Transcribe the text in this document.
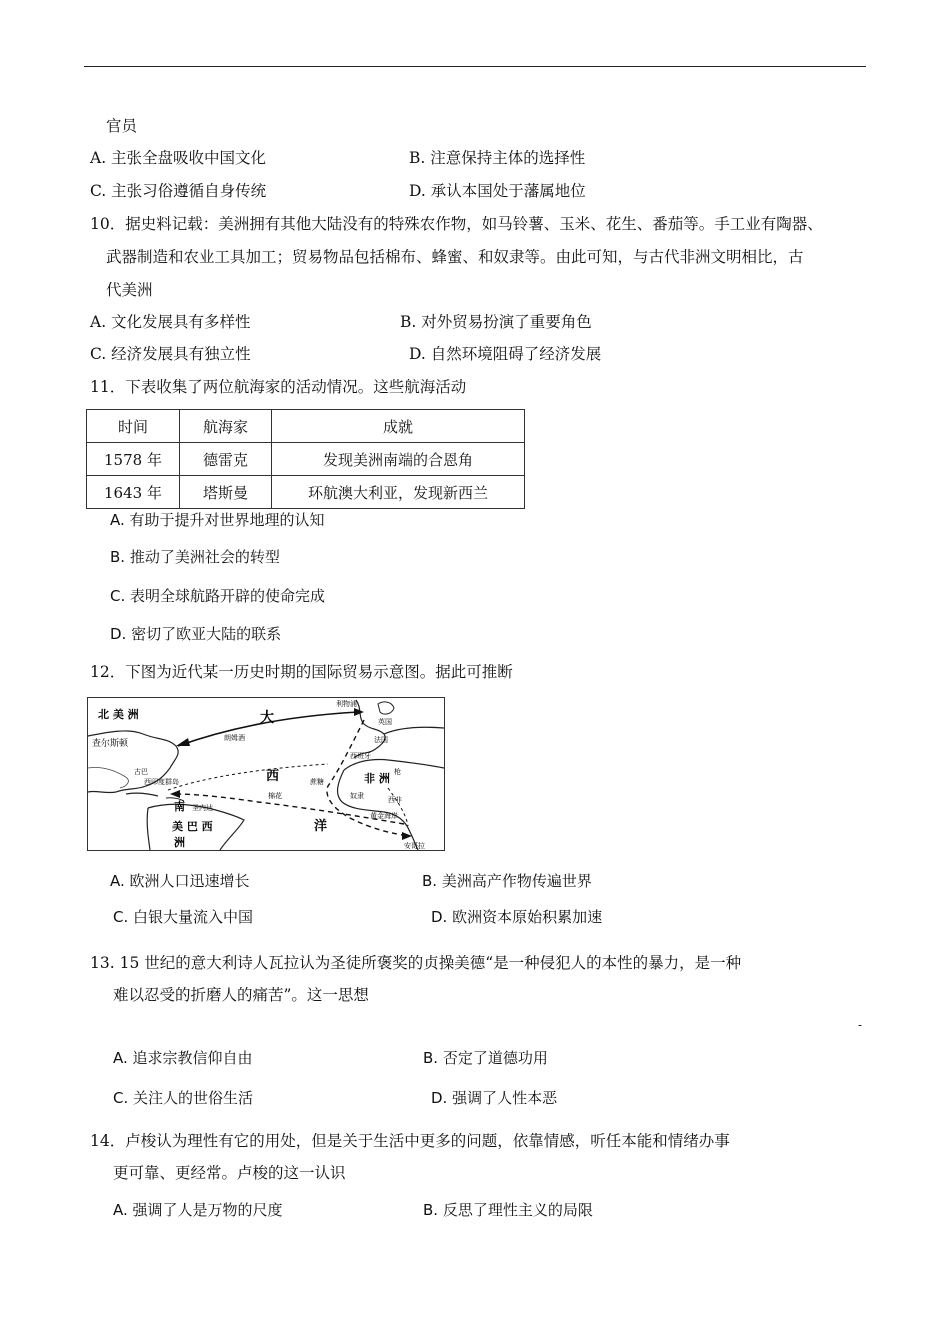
官员
A. 主张全盘吸收中国文化	B. 注意保持主体的选择性
C. 主张习俗遵循自身传统	D. 承认本国处于藩属地位
10．据史料记载：美洲拥有其他大陆没有的特殊农作物，如马铃薯、玉米、花生、番茄等。手工业有陶器、
武器制造和农业工具加工；贸易物品包括棉布、蜂蜜、和奴隶等。由此可知，与古代非洲文明相比，古
代美洲
A. 文化发展具有多样性	B. 对外贸易扮演了重要角色
C. 经济发展具有独立性	D. 自然环境阻碍了经济发展
11．下表收集了两位航海家的活动情况。这些航海活动
时间	航海家	成就
1578 年	德雷克	发现美洲南端的合恩角
1643 年	塔斯曼	环航澳大利亚，发现新西兰
A. 有助于提升对世界地理的认知
B. 推动了美洲社会的转型
C. 表明全球航路开辟的使命完成
D. 密切了欧亚大陆的联系
12．下图为近代某一历史时期的国际贸易示意图。据此可推断
北 美 洲	大
查尔斯顿
利物浦
英国
法国
西班牙
朗姆酒
西	非 洲
西印度群岛
古巴
棉花
蔗糖
奴隶
南 圣内达
枪
西非
黄金海岸
美 巴 西
洲
洋
安哥拉
A. 欧洲人口迅速增长	B. 美洲高产作物传遍世界
C. 白银大量流入中国	D. 欧洲资本原始积累加速
13. 15 世纪的意大利诗人瓦拉认为圣徒所褒奖的贞操美德“是一种侵犯人的本性的暴力，是一种
难以忍受的折磨人的痛苦”。这一思想
-
A. 追求宗教信仰自由	B. 否定了道德功用
C. 关注人的世俗生活	D. 强调了人性本恶
14．卢梭认为理性有它的用处，但是关于生活中更多的问题，依靠情感，听任本能和情绪办事
更可靠、更经常。卢梭的这一认识
A. 强调了人是万物的尺度	B. 反思了理性主义的局限
